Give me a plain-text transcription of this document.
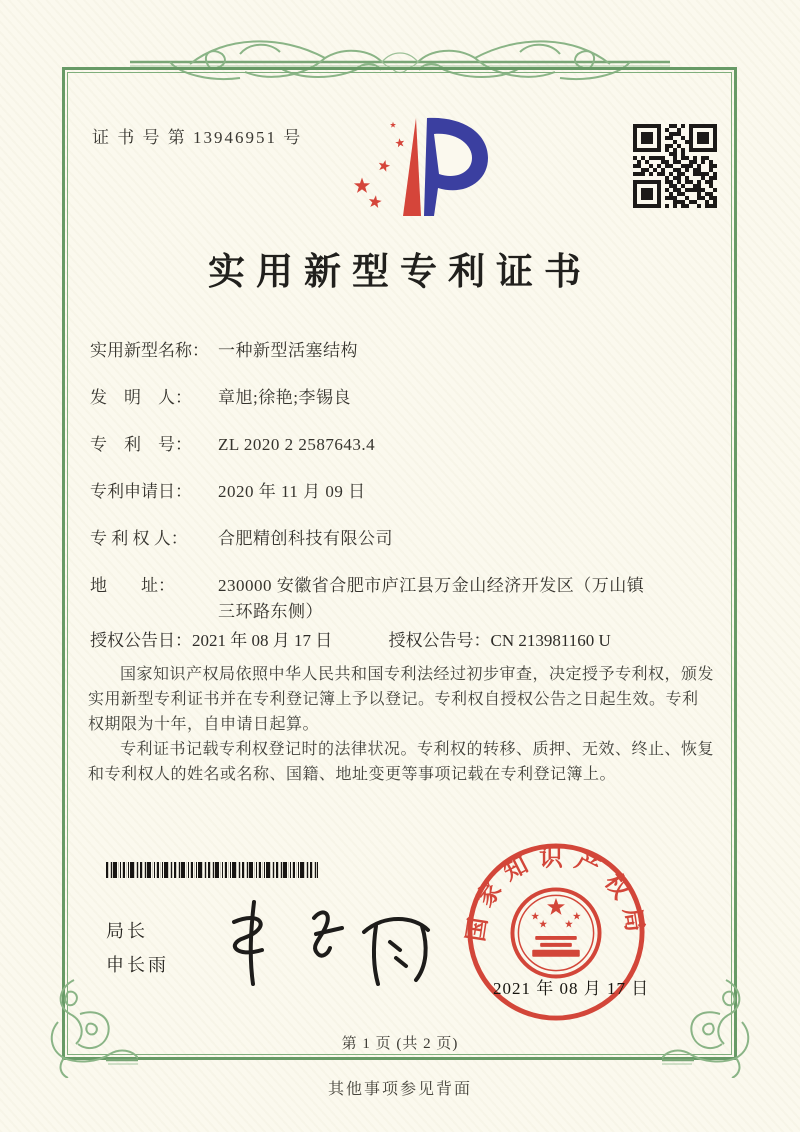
证 书 号 第 13946951 号
实用新型专利证书
实用新型名称： 一种新型活塞结构
发　明　人： 章旭;徐艳;李锡良
专　利　号： ZL 2020 2 2587643.4
专利申请日： 2020 年 11 月 09 日
专 利 权 人： 合肥精创科技有限公司
地　　址：	230000 安徽省合肥市庐江县万金山经济开发区（万山镇三环路东侧）
授权公告日：2021 年 08 月 17 日	授权公告号：CN 213981160 U

国家知识产权局依照中华人民共和国专利法经过初步审查，决定授予专利权，颁发实用新型专利证书并在专利登记簿上予以登记。专利权自授权公告之日起生效。专利权期限为十年，自申请日起算。

专利证书记载专利权登记时的法律状况。专利权的转移、质押、无效、终止、恢复和专利权人的姓名或名称、国籍、地址变更等事项记载在专利登记簿上。

局长
申长雨
国家知识产权局
2021 年 08 月 17 日
第 1 页 (共 2 页)
其他事项参见背面
